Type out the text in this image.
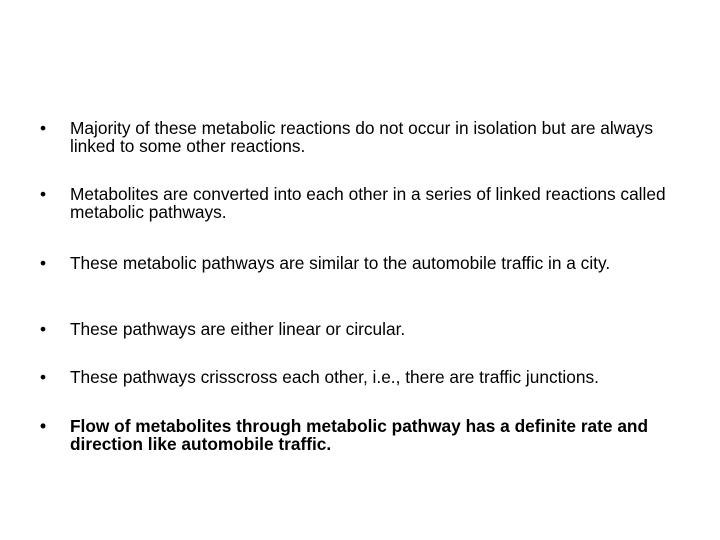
•	Majority of these metabolic reactions do not occur in isolation but are always linked to some other reactions.
•	Metabolites are converted into each other in a series of linked reactions called metabolic pathways.
•	These metabolic pathways are similar to the automobile traffic in a city.
•	These pathways are either linear or circular.
•	These pathways crisscross each other, i.e., there are traffic junctions.
•	Flow of metabolites through metabolic pathway has a definite rate and direction like automobile traffic.
